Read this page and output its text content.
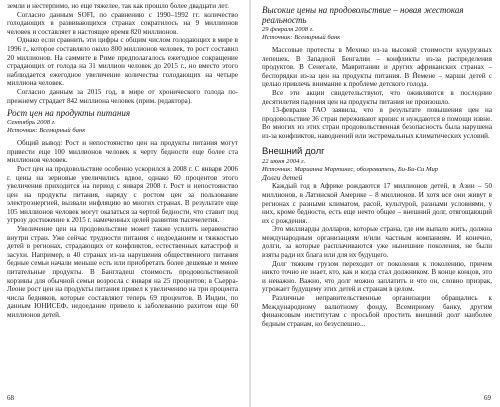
земли и нестерпимо, но еще тяжелее, так как прошло более двадцати лет.

Согласно данным SOFI, по сравнению с 1990–1992 гг. количество голодающих в развивающихся странах сократилось на 9 миллионов человек и составляет в настоящее время 820 миллионов.

Однако если сравнить эти цифры с общим числом голодающих в мире в 1996 г., которое составляло около 800 миллионов человек, то рост составил 20 миллионов. На саммите в Риме предполагалось ежегодное сокращение страдающих от голода на 31 миллион человек до 2015 г., но вместо этого наблюдается ежегодное увеличение количества голодающих на четыре миллиона человек.

Согласно данным за 2015 год, в мире от хронического голода по-прежнему страдает 842 миллиона человек (прим. редактора).

Рост цен на продукты питания
Сентябрь 2008 г.
Источник: Всемирный банк

Общий вывод: Рост и непостоянство цен на продукты питания могут привести еще 100 миллионов человек к черту бедности еще более ста миллионов человек.

Рост цен на продовольствие особенно ускорился в 2008 г. С января 2006 г. цены на зерновые увеличились вдвое, однако 60 процентов этого увеличения приходится на период с января 2008 г. Рост и непостоянство цен на продукты питания, наряду с ростом цен за пользование электроэнергией, вызвали инфляцию во многих странах. В результате еще 105 миллионов человек могут оказаться за чертой бедности, что ставит под угрозу достижение к 2015 г. намеченных целей развития тысячелетия.

Увеличение цен на продовольствие может также усилить неравенство внутри стран. Уже сейчас трудности питания с недоеданием и тяжкостью детей в регионах, страдающих от конфликтов, естественных катастроф и засухи. Например, в 40 странах из-за нарушения общественного питания бедные семьи начали меньше есть или приобретать более дешевые и менее питательные продукты. В Бангладеш стоимость продовольственной корзины для обычной семьи возросла с января на 25 процентов; в Сьерра-Леоне рост цен на продукты питания привел к увеличению на три процента числа бедняков, которые составляют теперь 69 процентов. В Индии, по данным ЮНИСЕФ, недоедание привело к заболеванию рахитом еще 60 миллионов детей.

68
Высокие цены на продовольствие – новая жестокая реальность
29 февраля 2008 г.
Источник: Всемирный банк

Массовые протесты в Мехико из-за высокой стоимости кукурузных лепешек. В Западной Бенгалии – конфликты из-за распределения продуктов. В Сенегале, Мавритании и других африканских странах – беспорядки из-за цен на продукты питания. В Йемене – марши детей с целью привлечь внимание к проблеме детского голода.

Все эти акции свидетельствуют, что оживляются в последние десятилетия падения цен на продукты питания не произошло.

13-февраля FAO заявила, что в результате повышения цен на продовольствие 36 стран переживают кризис и нуждаются в помощи извне. Во многих из этих стран продовольственная безопасность была нарушена из-за конфликтов, наводнений или экстремальных климатических условий.

Внешний долг
22 июня 2004 г.
Источник: Марианна Мартинес, обозреватель, Би-Би-Си Мир
Долги детей

Каждый год в Африке рождаются 17 миллионов детей, в Азии – 50 миллионов, в Латинской Америке – 8 миллионов. И хотя все они живут в регионах с разными климатом, расой, культурой, разными условиями, у них, кроме бедности, есть еще нечто общее – внешний долг, отягощающий их с рождения.

Это миллиарды долларов, которые страна, где им выпало жить, должна международным организациям и/или частным компаниям. И конечно, долги, за которые расплачиваются уже нынешние поколения, не были взяты ради их блага или для их будущего.

Долг тяжким грузом переходит от поколения к поколению, причем никто точно не знает, кто, как и когда стал должником. В конце концов, это и неважно. Важно, что долг можно заплатить и что он, словно призрак, угрожает будущему этих детей и странам в целом.

Различные неправительственные организации обращались к Международному валютному фонду, Всемирному банку, другим финансовым институтам с просьбой простить внешний долг наиболее бедным странам, но безуспешно...

69
